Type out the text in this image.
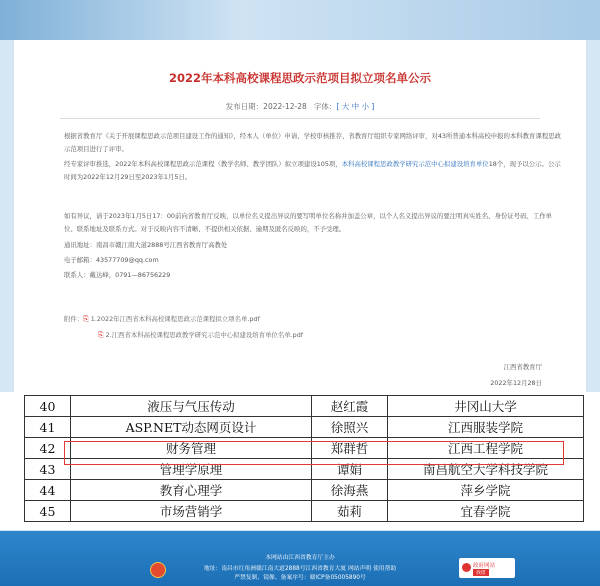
2022年本科高校课程思政示范项目拟立项名单公示
发布日期：2022-12-28 字体：[ 大 中 小 ]
根据省教育厅《关于开展课程思政示范项目建设工作的通知》，经本人（单位）申请、学校审核推荐、省教育厅组织专家网络评审，对43所普通本科高校申报的本科教育课程思政示范项目进行了评审。
经专家评审推选，2022年本科高校课程思政示范课程（教学名师、教学团队）拟立项建设105项，本科高校课程思政教学研究示范中心拟建设培育单位18个，现予以公示。公示时间为2022年12月29日至2023年1月5日。
如有异议，请于2023年1月5日17：00前向省教育厅反映，以单位名义提出异议的要写明单位名称并加盖公章，以个人名义提出异议的要注明真实姓名、身份证号码、工作单位、联系地址及联系方式。对于反映内容不清晰、不提供相关依据、逾期及匿名反映的，不予受理。
通讯地址：南昌市赣江南大道2888号江西省教育厅高教处
电子邮箱：43577709@qq.com
联系人：戴达峰，0791—86756229
附件：⎘ 1.2022年江西省本科高校课程思政示范课程拟立项名单.pdf
⎘ 2.江西省本科高校课程思政教学研究示范中心拟建设培育单位名单.pdf
江西省教育厅
2022年12月28日
40	液压与气压传动	赵红霞	井冈山大学
41	ASP.NET动态网页设计	徐照兴	江西服装学院
42	财务管理	郑群哲	江西工程学院
43	管理学原理	谭娟	南昌航空大学科技学院
44	教育心理学	徐海燕	萍乡学院
45	市场营销学	茹莉	宜春学院
本网站由江西省教育厅主办
地址：南昌市红角洲赣江南大道2888号江西省教育大厦 网站声明 使用帮助
严禁复制、镜像、备案序号：赣ICP备05005890号
政府网站
找错
